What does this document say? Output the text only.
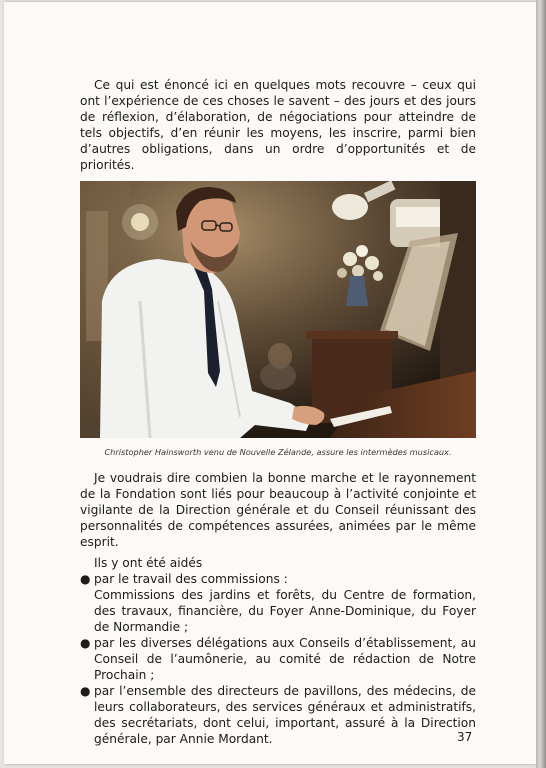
Ce qui est énoncé ici en quelques mots recouvre – ceux qui ont l’expérience de ces choses le savent – des jours et des jours de réflexion, d’élaboration, de négociations pour atteindre de tels objectifs, d’en réunir les moyens, les inscrire, parmi bien d’autres obligations, dans un ordre d’opportunités et de priorités.

Christopher Hainsworth venu de Nouvelle Zélande, assure les intermèdes musicaux.

Je voudrais dire combien la bonne marche et le rayonnement de la Fondation sont liés pour beaucoup à l’activité conjointe et vigilante de la Direction générale et du Conseil réunissant des personnalités de compétences assurées, animées par le même esprit.

Ils y ont été aidés

● par le travail des commissions :
Commissions des jardins et forêts, du Centre de formation, des travaux, financière, du Foyer Anne-Dominique, du Foyer de Normandie ;
● par les diverses délégations aux Conseils d’établissement, au Conseil de l’aumônerie, au comité de rédaction de Notre Prochain ;
● par l’ensemble des directeurs de pavillons, des médecins, de leurs collaborateurs, des services généraux et administratifs, des secrétariats, dont celui, important, assuré à la Direction générale, par Annie Mordant.	37
